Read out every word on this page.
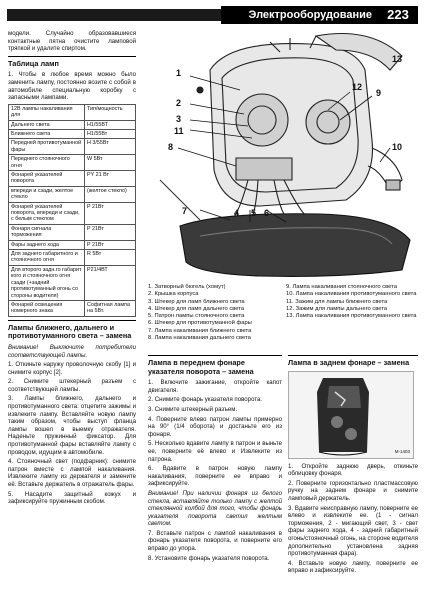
Электрооборудование	223
модели. Случайно образовавшиеся контактные пятна очистите ламповой тряпкой и удалите спиртом.
Таблица ламп
1. Чтобы в любое время можно было заменить лампу, постоянно возите с собой в автомобиле специальную коробку с запасными лампами.
12В лампы накаливания для	Тип/мощность
Дальнего света	H1/55ВТ
Ближнего света	H1/55Вт
Передней противотуманной фары	H 3/55Вт
Переднего стояночного огня	W 5Вт
Фонарей указателей поворота	PY 21 Вт
впереди и сзади, желтое стекло	(желтое стекло)
Фонарей указателей поворота, впереди и сзади, с белым стеклом	P 21Вт
Фонаря сигнала торможения	P 21Вт
Фары заднего хода	P 21Вт
Для заднего габаритного и стояночного огня	R 5Вт
Для второго задн.го габарит кого и стояночного огня сзади (+задний противотуманный огонь со стороны водителя)	P21/4ВТ
Фонарей освещения номерного знака	Софитная лампа на 5Вт.
Лампы ближнего, дальнего и противотуманного света – замена
Внимание! Выключите потребители соответствующей лампы.
1. Откиньте наружу проволочную скобу [1] и снимите корпус [2].
2. Снимите штекерный разъем с соответствующей лампы.
3. Лампы ближнего, дальнего и противотуманного света: отцепите зажимы и извлеките лампу. Вставляйте новую лампу таким образом, чтобы выступ фланца лампы вошел в выемку отражателя. Наденьте пружинный фиксатор. Для противотуманной фары вставляйте лампу с проводом, идущим в автомобиле.
4. Стояночный свет (подфарник): снимите патрон вместе с лампой накаливания. Извлеките лампу из держателя и замените её. Вставьте держатель в отражатель фары.
5. Насадите защитный кожух и зафиксируйте пружинным скобом.
1
2
3
4 5 6
7
8
9
10
11
12
13
1. Затворный бюгель (хомут)
2. Крышка корпуса
3. Штекер для ламп ближнего света
4. Штекер для ламп дальнего света
5. Патрон лампы стояночного света
6. Штекер для противотуманной фары
7. Лампа накаливания ближнего света
8. Лампа накаливания дальнего света
9. Лампа накаливания стояночного света
10. Лампа накаливания противотуманного света
11. Зажим для лампы ближнего света
12. Зажим для лампы дальнего света
13. Лампа накаливания противотуманного света
Лампа в переднем фонаре указателя поворота – замена
1. Включите зажигание, откройте капот двигателя.
2. Снимите фонарь указателя поворота.
3. Снимите штекерный разъем.
4. Поверните влево патрон лампы примерно на 90° (1/4 оборота) и достаньте его из фонаря.
5. Несколько вдавите лампу в патрон и выньте ее, поверните её влево и Извлеките из патрона.
6. Вдавите в патрон новую лампу накаливания, поверните ее вправо и зафиксируйте.
Внимание! При наличии фонаря из белого стекла, вставляйте только лампу с желтой стеклянной колбой для того, чтобы фонарь указателя поворота светил желтым светом.
7. Вставьте патрон с лампой накаливания в фонарь указателя поворота, и поверните его вправо до упора.
8. Установите фонарь указателя поворота.
Лампа в заднем фонаре – замена
M-1403
1. Откройте заднюю дверь, откиньте облицовку фонаря.
2. Поверните горизонтально пластмассовую ручку на заднем фонаре и снимите ламповый держатель.
3. Вдавите неисправную лампу, поверните ее влево и извлеките ее. (1 - сигнал торможения, 2 - мигающий свет, 3 - свет фары заднего хода, 4 - задний габаритный огонь/стояночный огонь, на стороне водителя дополнительно установлена задняя противотуманная фара).
4. Вставьте новую лампу, поверните ее вправо и зафиксируйте.
